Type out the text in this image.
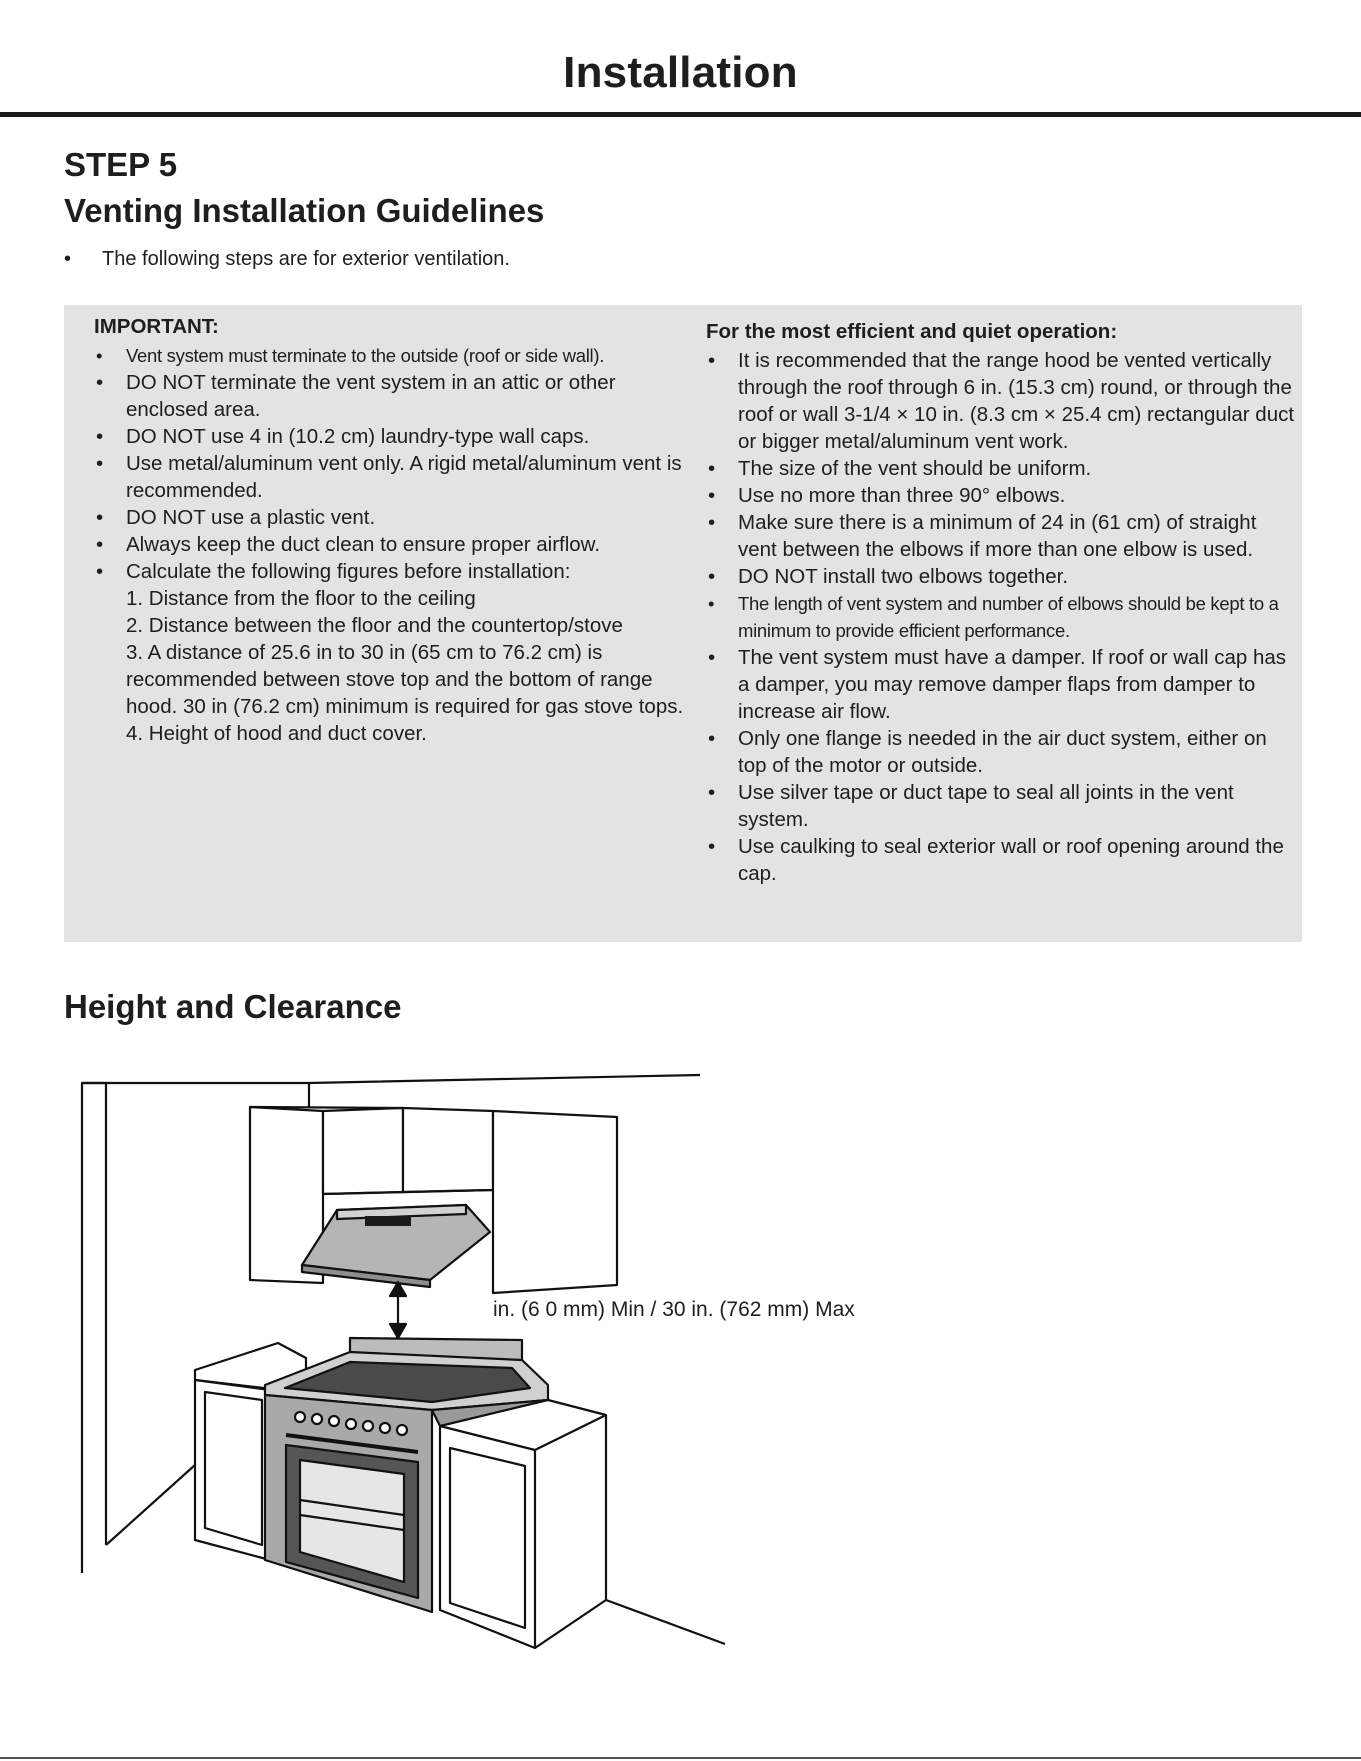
Installation
STEP 5
Venting Installation Guidelines
• The following steps are for exterior ventilation.
IMPORTANT:
• Vent system must terminate to the outside (roof or side wall).
• DO NOT terminate the vent system in an attic or other enclosed area.
• DO NOT use 4 in (10.2 cm) laundry-type wall caps.
• Use metal/aluminum vent only. A rigid metal/aluminum vent is recommended.
• DO NOT use a plastic vent.
• Always keep the duct clean to ensure proper airflow.
• Calculate the following figures before installation:
1. Distance from the floor to the ceiling
2. Distance between the floor and the countertop/stove
3. A distance of 25.6 in to 30 in (65 cm to 76.2 cm) is recommended between stove top and the bottom of range hood. 30 in (76.2 cm) minimum is required for gas stove tops.
4. Height of hood and duct cover.
For the most efficient and quiet operation:
• It is recommended that the range hood be vented vertically through the roof through 6 in. (15.3 cm) round, or through the roof or wall 3-1/4 × 10 in. (8.3 cm × 25.4 cm) rectangular duct or bigger metal/aluminum vent work.
• The size of the vent should be uniform.
• Use no more than three 90° elbows.
• Make sure there is a minimum of 24 in (61 cm) of straight vent between the elbows if more than one elbow is used.
• DO NOT install two elbows together.
• The length of vent system and number of elbows should be kept to a minimum to provide efficient performance.
• The vent system must have a damper. If roof or wall cap has a damper, you may remove damper flaps from damper to increase air flow.
• Only one flange is needed in the air duct system, either on top of the motor or outside.
• Use silver tape or duct tape to seal all joints in the vent system.
• Use caulking to seal exterior wall or roof opening around the cap.
Height and Clearance
in. (6 0 mm) Min / 30 in. (762 mm) Max
